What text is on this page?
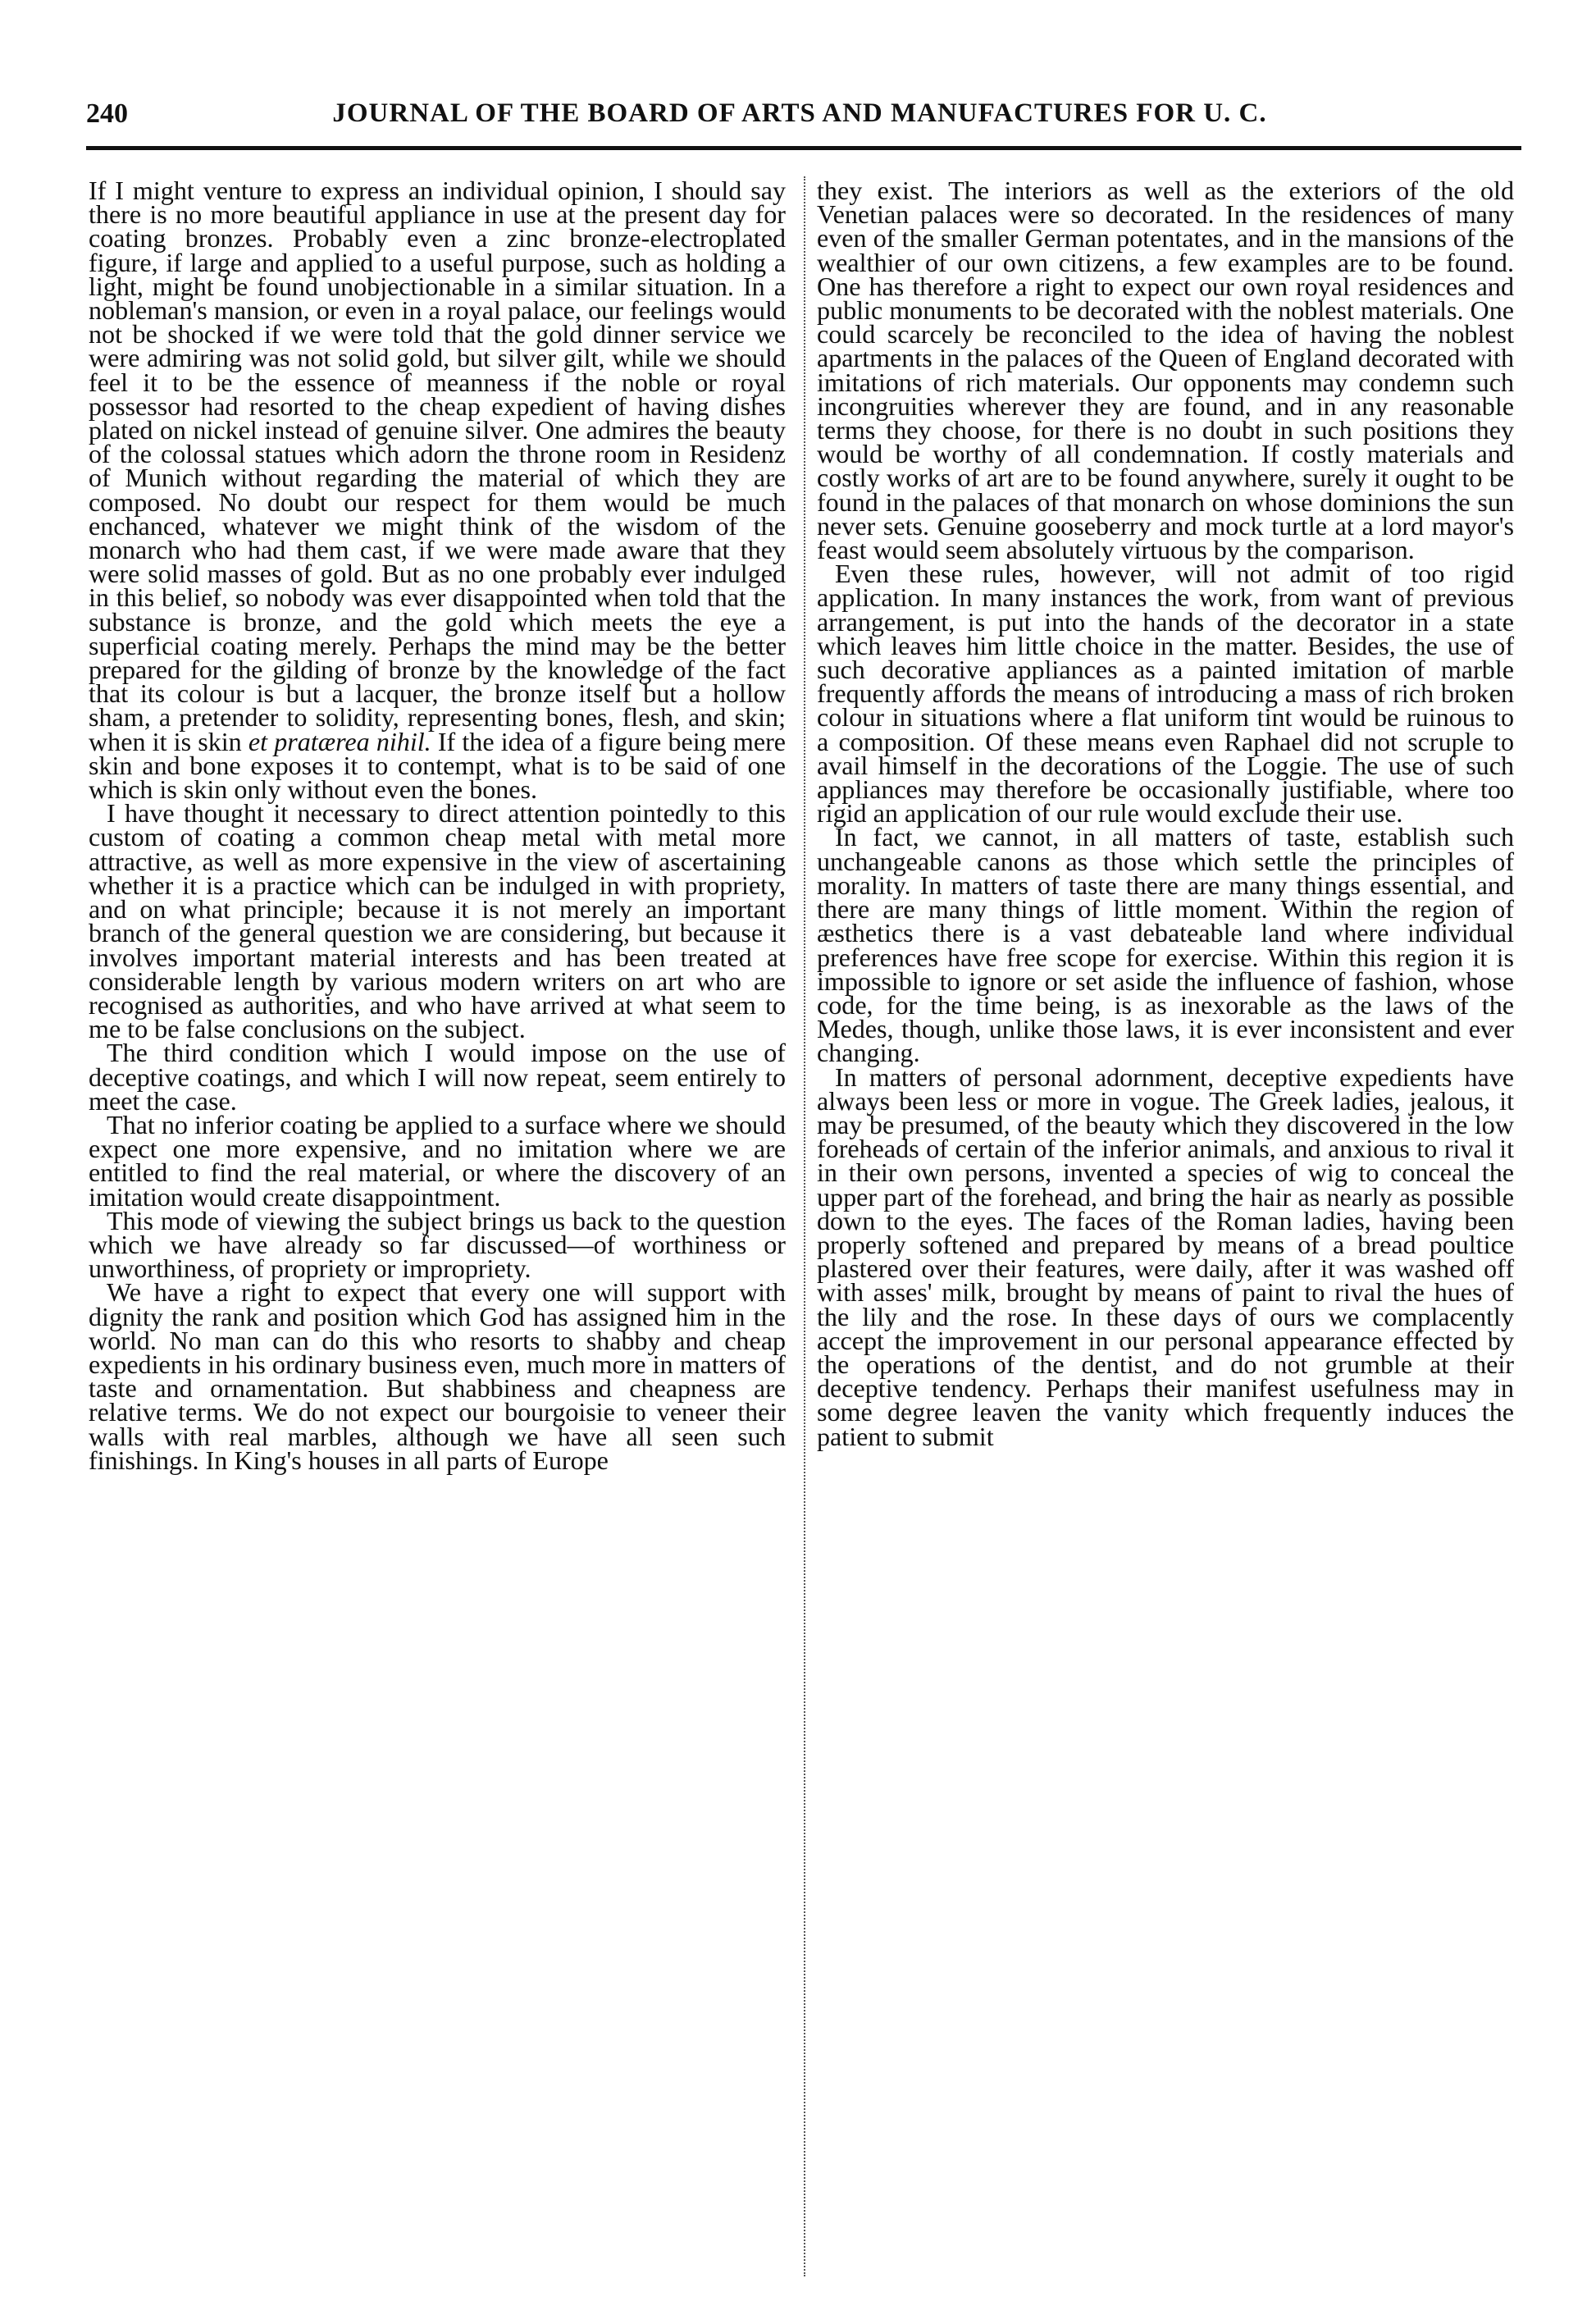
240	JOURNAL OF THE BOARD OF ARTS AND MANUFACTURES FOR U. C.

If I might venture to express an individual opinion, I should say there is no more beautiful appliance in use at the present day for coating bronzes. Probably even a zinc bronze-electroplated figure, if large and applied to a useful purpose, such as holding a light, might be found unobjectionable in a similar situation. In a nobleman's mansion, or even in a royal palace, our feelings would not be shocked if we were told that the gold dinner service we were admiring was not solid gold, but silver gilt, while we should feel it to be the essence of meanness if the noble or royal possessor had resorted to the cheap expedient of having dishes plated on nickel instead of genuine silver. One admires the beauty of the colossal statues which adorn the throne room in Residenz of Munich without regarding the material of which they are composed. No doubt our respect for them would be much enchanced, whatever we might think of the wisdom of the monarch who had them cast, if we were made aware that they were solid masses of gold. But as no one probably ever indulged in this belief, so nobody was ever disappointed when told that the substance is bronze, and the gold which meets the eye a superficial coating merely. Perhaps the mind may be the better prepared for the gilding of bronze by the knowledge of the fact that its colour is but a lacquer, the bronze itself but a hollow sham, a pretender to solidity, representing bones, flesh, and skin; when it is skin et pratærea nihil. If the idea of a figure being mere skin and bone exposes it to contempt, what is to be said of one which is skin only without even the bones.

I have thought it necessary to direct attention pointedly to this custom of coating a common cheap metal with metal more attractive, as well as more expensive in the view of ascertaining whether it is a practice which can be indulged in with propriety, and on what principle; because it is not merely an important branch of the general question we are considering, but because it involves important material interests and has been treated at considerable length by various modern writers on art who are recognised as authorities, and who have arrived at what seem to me to be false conclusions on the subject.

The third condition which I would impose on the use of deceptive coatings, and which I will now repeat, seem entirely to meet the case.

That no inferior coating be applied to a surface where we should expect one more expensive, and no imitation where we are entitled to find the real material, or where the discovery of an imitation would create disappointment.

This mode of viewing the subject brings us back to the question which we have already so far discussed—of worthiness or unworthiness, of propriety or impropriety.

We have a right to expect that every one will support with dignity the rank and position which God has assigned him in the world. No man can do this who resorts to shabby and cheap expedients in his ordinary business even, much more in matters of taste and ornamentation. But shabbiness and cheapness are relative terms. We do not expect our bourgoisie to veneer their walls with real marbles, although we have all seen such finishings. In King's houses in all parts of Europe

they exist. The interiors as well as the exteriors of the old Venetian palaces were so decorated. In the residences of many even of the smaller German potentates, and in the mansions of the wealthier of our own citizens, a few examples are to be found. One has therefore a right to expect our own royal residences and public monuments to be decorated with the noblest materials. One could scarcely be reconciled to the idea of having the noblest apartments in the palaces of the Queen of England decorated with imitations of rich materials. Our opponents may condemn such incongruities wherever they are found, and in any reasonable terms they choose, for there is no doubt in such positions they would be worthy of all condemnation. If costly materials and costly works of art are to be found anywhere, surely it ought to be found in the palaces of that monarch on whose dominions the sun never sets. Genuine gooseberry and mock turtle at a lord mayor's feast would seem absolutely virtuous by the comparison.

Even these rules, however, will not admit of too rigid application. In many instances the work, from want of previous arrangement, is put into the hands of the decorator in a state which leaves him little choice in the matter. Besides, the use of such decorative appliances as a painted imitation of marble frequently affords the means of introducing a mass of rich broken colour in situations where a flat uniform tint would be ruinous to a composition. Of these means even Raphael did not scruple to avail himself in the decorations of the Loggie. The use of such appliances may therefore be occasionally justifiable, where too rigid an application of our rule would exclude their use.

In fact, we cannot, in all matters of taste, establish such unchangeable canons as those which settle the principles of morality. In matters of taste there are many things essential, and there are many things of little moment. Within the region of æsthetics there is a vast debateable land where individual preferences have free scope for exercise. Within this region it is impossible to ignore or set aside the influence of fashion, whose code, for the time being, is as inexorable as the laws of the Medes, though, unlike those laws, it is ever inconsistent and ever changing.

In matters of personal adornment, deceptive expedients have always been less or more in vogue. The Greek ladies, jealous, it may be presumed, of the beauty which they discovered in the low foreheads of certain of the inferior animals, and anxious to rival it in their own persons, invented a species of wig to conceal the upper part of the forehead, and bring the hair as nearly as possible down to the eyes. The faces of the Roman ladies, having been properly softened and prepared by means of a bread poultice plastered over their features, were daily, after it was washed off with asses' milk, brought by means of paint to rival the hues of the lily and the rose. In these days of ours we complacently accept the improvement in our personal appearance effected by the operations of the dentist, and do not grumble at their deceptive tendency. Perhaps their manifest usefulness may in some degree leaven the vanity which frequently induces the patient to submit
